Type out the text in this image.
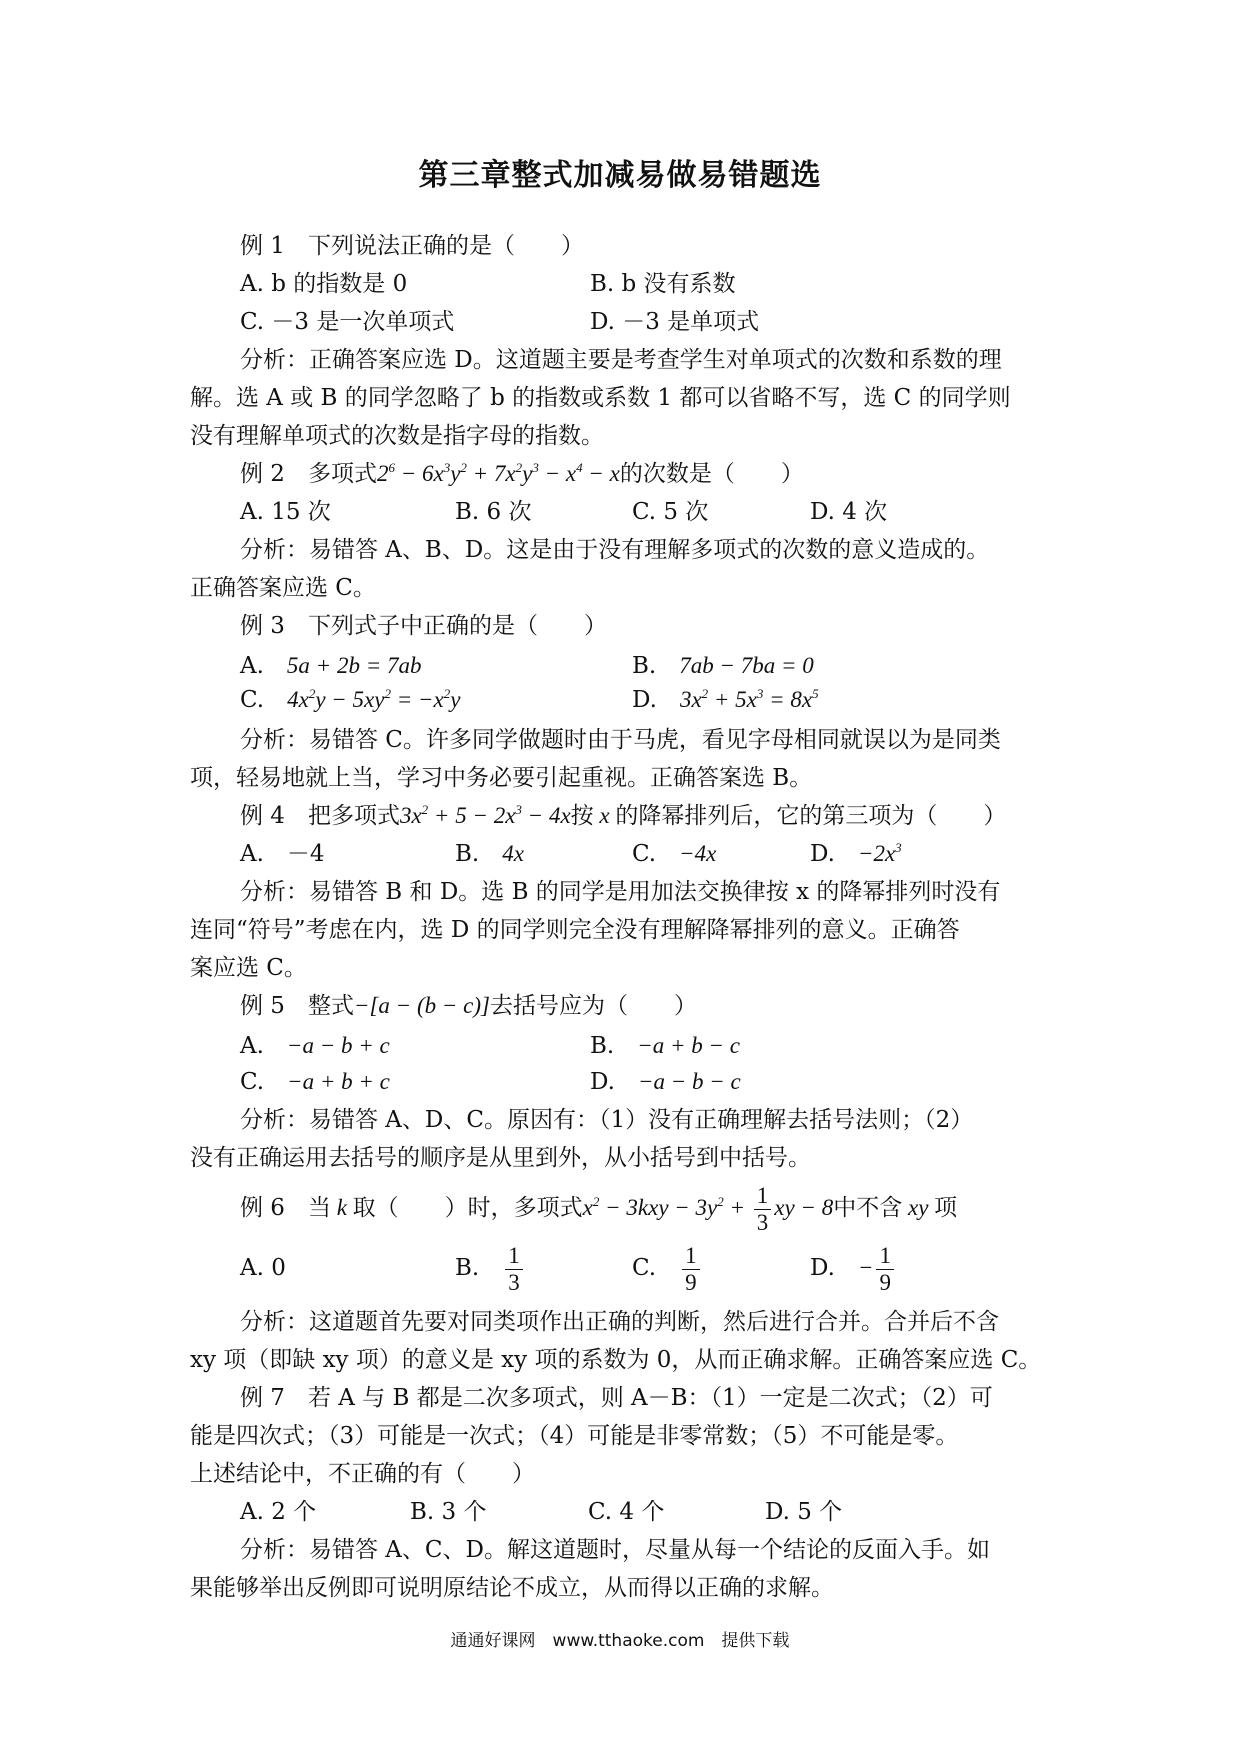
第三章整式加减易做易错题选
例 1　下列说法正确的是（　　）
A. b 的指数是 0	B. b 没有系数
C. －3 是一次单项式	D. －3 是单项式
分析：正确答案应选 D。这道题主要是考查学生对单项式的次数和系数的理
解。选 A 或 B 的同学忽略了 b 的指数或系数 1 都可以省略不写，选 C 的同学则
没有理解单项式的次数是指字母的指数。
例 2　多项式$2^6 - 6x^3y^2 + 7x^2y^3 - x^4 - x$的次数是（　　）
A. 15 次	B. 6 次	C. 5 次	D. 4 次
分析：易错答 A、B、D。这是由于没有理解多项式的次数的意义造成的。
正确答案应选 C。
例 3　下列式子中正确的是（　　）
A.　5a + 2b = 7ab	B.　7ab − 7ba = 0
C.　$4x^2y - 5xy^2 = -x^2y$	D.　$3x^2 + 5x^3 = 8x^5$
分析：易错答 C。许多同学做题时由于马虎，看见字母相同就误以为是同类
项，轻易地就上当，学习中务必要引起重视。正确答案选 B。
例 4　把多项式$3x^2 + 5 - 2x^3 - 4x$按 x 的降幂排列后，它的第三项为（　　）
A.　－4	B.　4x	C.　−4x	D.　$-2x^3$
分析：易错答 B 和 D。选 B 的同学是用加法交换律按 x 的降幂排列时没有
连同“符号”考虑在内，选 D 的同学则完全没有理解降幂排列的意义。正确答
案应选 C。
例 5　整式−[a − (b − c)]去括号应为（　　）
A.　−a − b + c	B.　−a + b − c
C.　−a + b + c	D.　−a − b − c
分析：易错答 A、D、C。原因有：（1）没有正确理解去括号法则；（2）
没有正确运用去括号的顺序是从里到外，从小括号到中括号。
例 6　当 k 取（　　）时，多项式$x^2 - 3kxy - 3y^2 + \frac{1}{3}$ xy − 8中不含 xy 项
A. 0	B.　 $\frac{1}{3}$	C.　 $\frac{1}{9}$	D.　− $\frac{1}{9}$
分析：这道题首先要对同类项作出正确的判断，然后进行合并。合并后不含
xy 项（即缺 xy 项）的意义是 xy 项的系数为 0，从而正确求解。正确答案应选 C。
例 7　若 A 与 B 都是二次多项式，则 A－B：（1）一定是二次式；（2）可
能是四次式；（3）可能是一次式；（4）可能是非零常数；（5）不可能是零。
上述结论中，不正确的有（　　）
A. 2 个	B. 3 个	C. 4 个	D. 5 个
分析：易错答 A、C、D。解这道题时，尽量从每一个结论的反面入手。如
果能够举出反例即可说明原结论不成立，从而得以正确的求解。
通通好课网　www.tthaoke.com　提供下载
